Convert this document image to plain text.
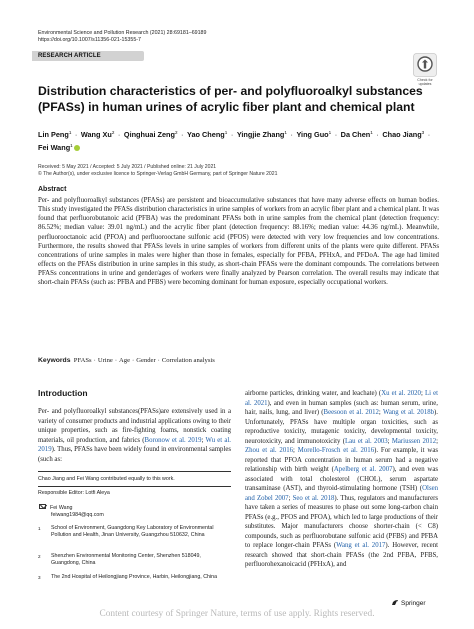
Environmental Science and Pollution Research (2021) 28:69181–69189
https://doi.org/10.1007/s11356-021-15355-7
RESEARCH ARTICLE
Check for
updates
Distribution characteristics of per- and polyfluoroalkyl substances (PFASs) in human urines of acrylic fiber plant and chemical plant
Lin Peng$^1$ · Wang $Xu^2$ · Qinghuai Zeng$^2$ · Yao Cheng$^1$ · Yingjie Zhang$^1$ · Ying Guo$^1$ · Da Chen$^1$ · Chao Jiang$^3$ · Fei Wang$^1$
Received: 5 May 2021 / Accepted: 5 July 2021 / Published online: 21 July 2021
© The Author(s), under exclusive licence to Springer-Verlag GmbH Germany, part of Springer Nature 2021
Abstract

Per- and polyfluoroalkyl substances (PFASs) are persistent and bioaccumulative substances that have many adverse effects on human bodies. This study investigated the PFASs distribution characteristics in urine samples of workers from an acrylic fiber plant and a chemical plant. It was found that perfluorobutanoic acid (PFBA) was the predominant PFASs both in urine samples from the chemical plant (detection frequency: 86.52%; median value: 39.01 ng/mL) and the acrylic fiber plant (detection frequency: 88.16%; median value: 44.36 ng/mL). Meanwhile, perfluorooctanoic acid (PFOA) and perfluorooctane sulfonic acid (PFOS) were detected with very low frequencies and low concentrations. Furthermore, the results showed that PFASs levels in urine samples of workers from different units of the plants were quite different. PFASs concentrations of urine samples in males were higher than those in females, especially for PFBA, PFHxA, and PFDoA. The age had limited effects on the PFASs distribution in urine samples in this study, as short-chain PFASs were the dominant compounds. The correlations between PFASs concentrations in urine and gender/ages of workers were finally analyzed by Pearson correlation. The overall results may indicate that short-chain PFASs (such as: PFBA and PFBS) were becoming dominant for human exposure, especially occupational workers.

Keywords PFASs · Urine · Age · Gender · Correlation analysis
Introduction

Per- and polyfluoroalkyl substances(PFASs)are extensively used in a variety of consumer products and industrial applications owing to their unique properties, such as fire-fighting foams, nonstick coating materials, oil production, and fabrics (Boronow et al. 2019; Wu et al. 2019). Thus, PFASs have been widely found in environmental samples (such as:

Chao Jiang and Fei Wang contributed equally to this work.
Responsible Editor: Lotfi Aleya
Fei Wang
feiwang1984@qq.com
1	School of Environment, Guangdong Key Laboratory of Environmental Pollution and Health, Jinan University, Guangzhou 510632, China
2	Shenzhen Environmental Monitoring Center, Shenzhen 518049, Guangdong, China
3	The 2nd Hospital of Heilongjiang Province, Harbin, Heilongjiang, China

airborne particles, drinking water, and leachate) (Xu et al. 2020; Li et al. 2021), and even in human samples (such as: human serum, urine, hair, nails, lung, and liver) (Beesoon et al. 2012; Wang et al. 2018b). Unfortunately, PFASs have multiple organ toxicities, such as reproductive toxicity, mutagenic toxicity, developmental toxicity, neurotoxicity, and immunotoxicity (Lau et al. 2003; Mariussen 2012; Zhou et al. 2016; Morello-Frosch et al. 2016). For example, it was reported that PFOA concentration in human serum had a negative relationship with birth weight (Apelberg et al. 2007), and even was associated with total cholesterol (CHOL), serum aspartate transaminase (AST), and thyroid-stimulating hormone (TSH) (Olsen and Zobel 2007; Seo et al. 2018). Thus, regulators and manufacturers have taken a series of measures to phase out some long-carbon chain PFASs (e.g., PFOS and PFOA), which led to large productions of their substitutes. Major manufacturers choose shorter-chain (< C8) compounds, such as perfluorobutane sulfonic acid (PFBS) and PFBA to replace longer-chain PFASs (Wang et al. 2017). However, recent research showed that short-chain PFASs (the 2nd PFBA, PFBS, perfluorohexanoicacid (PFHxA), and

Springer
Content courtesy of Springer Nature, terms of use apply. Rights reserved.
